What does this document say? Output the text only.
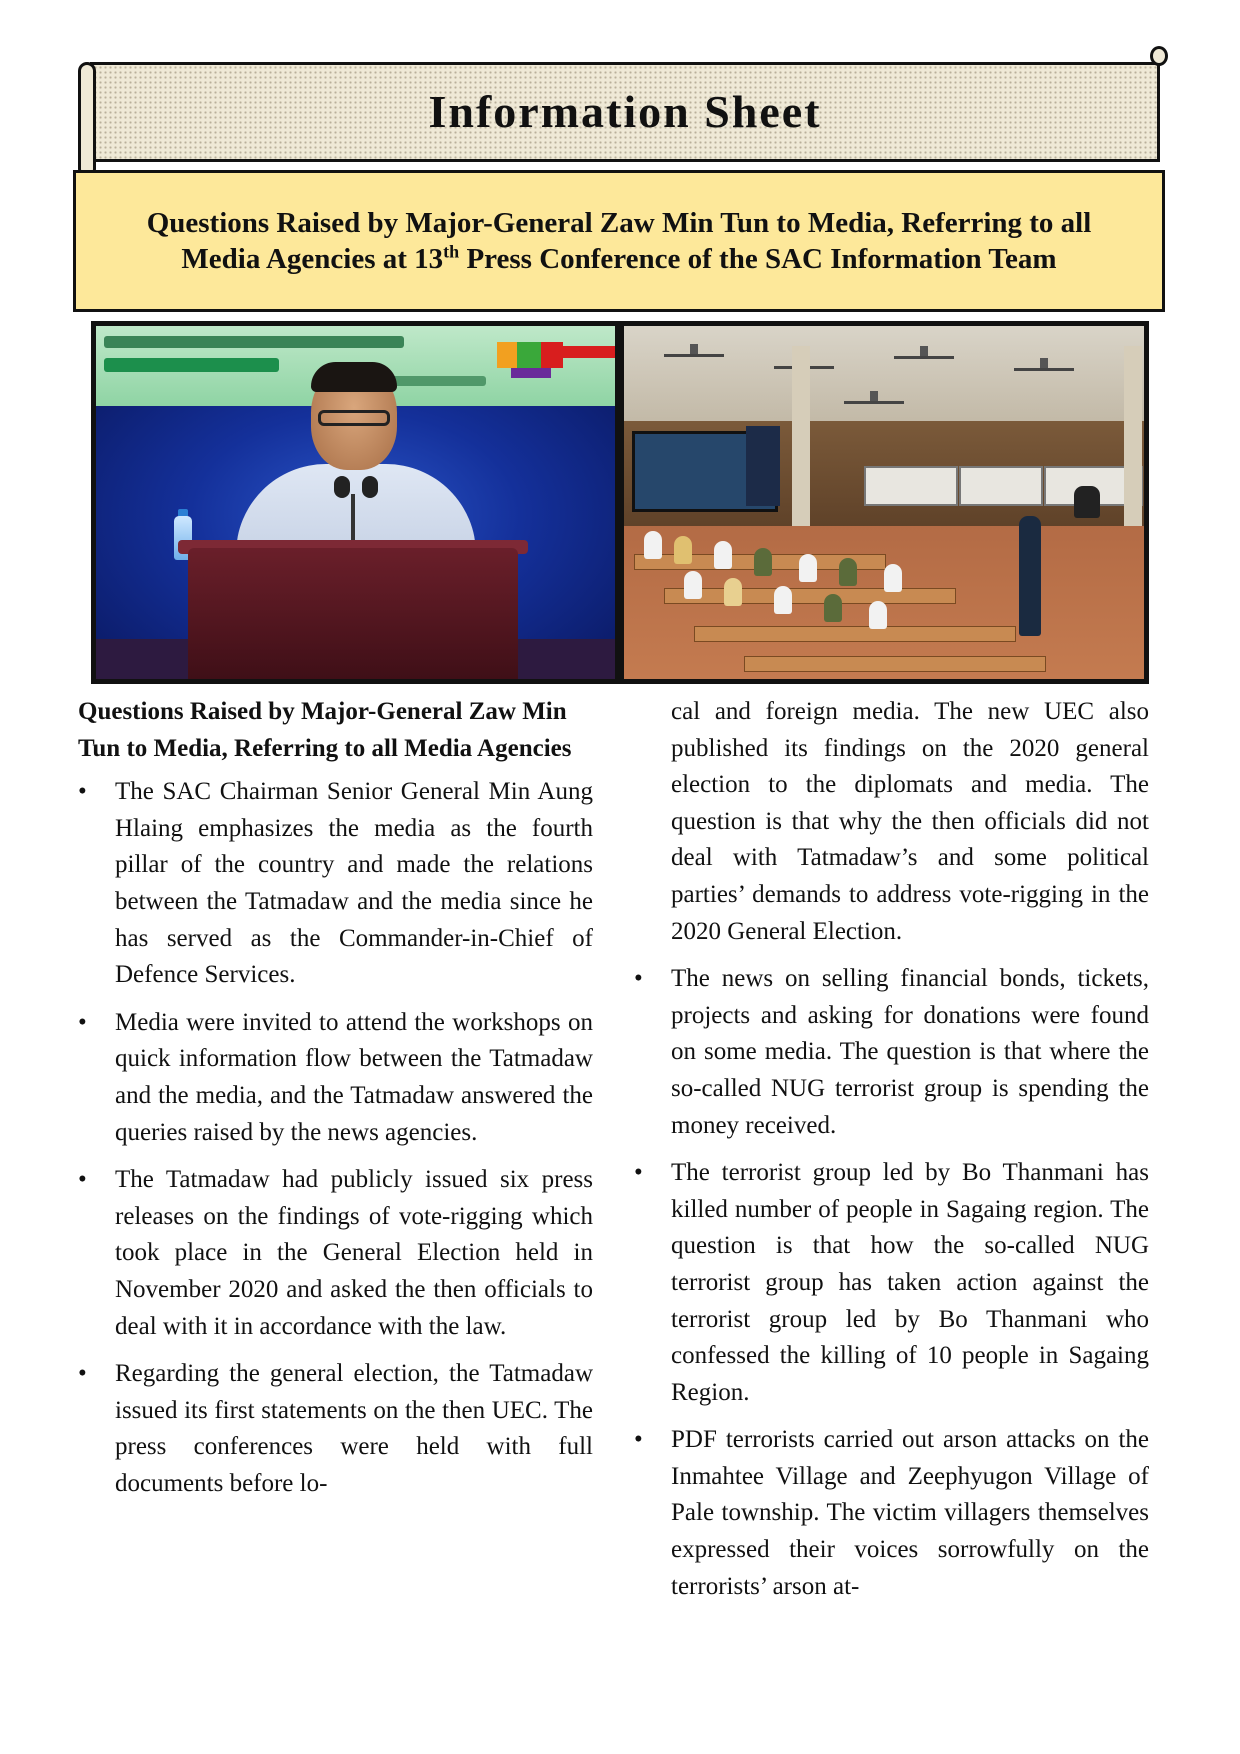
Information Sheet
Questions Raised by Major-General Zaw Min Tun to Media, Referring to all
Media Agencies at 13th Press Conference of the SAC Information Team
Questions Raised by Major-General Zaw Min Tun to Media, Referring to all Media Agencies
•	The SAC Chairman Senior General Min Aung Hlaing emphasizes the media as the fourth pillar of the country and made the relations between the Tatmadaw and the media since he has served as the Commander-in-Chief of Defence Services.
•	Media were invited to attend the workshops on quick information flow between the Tatmadaw and the media, and the Tatmadaw answered the queries raised by the news agencies.
•	The Tatmadaw had publicly issued six press releases on the findings of vote-rigging which took place in the General Election held in November 2020 and asked the then officials to deal with it in accordance with the law.
•	Regarding the general election, the Tatmadaw issued its first statements on the then UEC. The press conferences were held with full documents before lo-
cal and foreign media. The new UEC also published its findings on the 2020 general election to the diplomats and media. The question is that why the then officials did not deal with Tatmadaw’s and some political parties’ demands to address vote-rigging in the 2020 General Election.
•	The news on selling financial bonds, tickets, projects and asking for donations were found on some media. The question is that where the so-called NUG terrorist group is spending the money received.
•	The terrorist group led by Bo Thanmani has killed number of people in Sagaing region. The question is that how the so-called NUG terrorist group has taken action against the terrorist group led by Bo Thanmani who confessed the killing of 10 people in Sagaing Region.
•	PDF terrorists carried out arson attacks on the Inmahtee Village and Zeephyugon Village of Pale township. The victim villagers themselves expressed their voices sorrowfully on the terrorists’ arson at-
